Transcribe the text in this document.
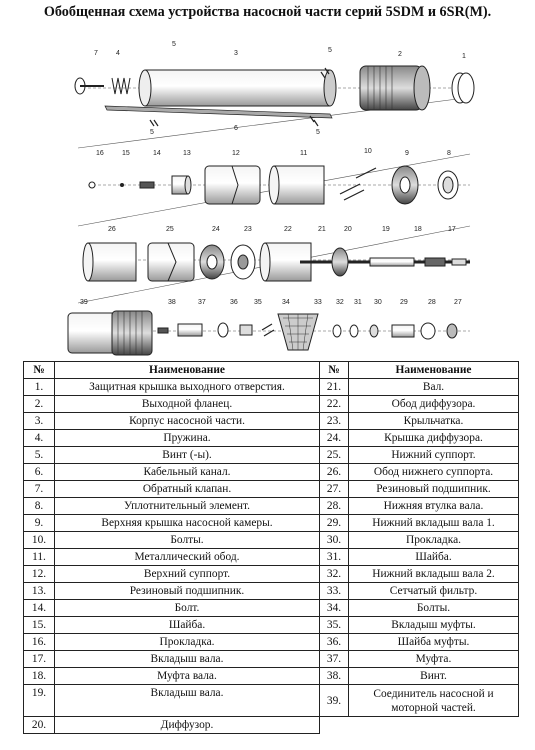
Обобщенная схема устройства насосной части серий 5SDM и 6SR(M).
1
2
3
4
5
5
5	5
6
7
8
9
10
11
12
13
14
15
16
17
18
19
20
21
22
23
24
25
26
27
28
29
30
31
32
33
34
35
36
37
38
39
№	Наименование	№	Наименование
1.	Защитная крышка выходного отверстия.	21.	Вал.
2.	Выходной фланец.	22.	Обод диффузора.
3.	Корпус насосной части.	23.	Крыльчатка.
4.	Пружина.	24.	Крышка диффузора.
5.	Винт (-ы).	25.	Нижний суппорт.
6.	Кабельный канал.	26.	Обод нижнего суппорта.
7.	Обратный клапан.	27.	Резиновый подшипник.
8.	Уплотнительный элемент.	28.	Нижняя втулка вала.
9.	Верхняя крышка насосной камеры.	29.	Нижний вкладыш вала 1.
10.	Болты.	30.	Прокладка.
11.	Металлический обод.	31.	Шайба.
12.	Верхний суппорт.	32.	Нижний вкладыш вала 2.
13.	Резиновый подшипник.	33.	Сетчатый фильтр.
14.	Болт.	34.	Болты.
15.	Шайба.	35.	Вкладыш муфты.
16.	Прокладка.	36.	Шайба муфты.
17.	Вкладыш вала.	37.	Муфта.
18.	Муфта вала.	38.	Винт.
19.	Вкладыш вала.	39.	Соединитель насосной и моторной частей.
20.	Диффузор.		
